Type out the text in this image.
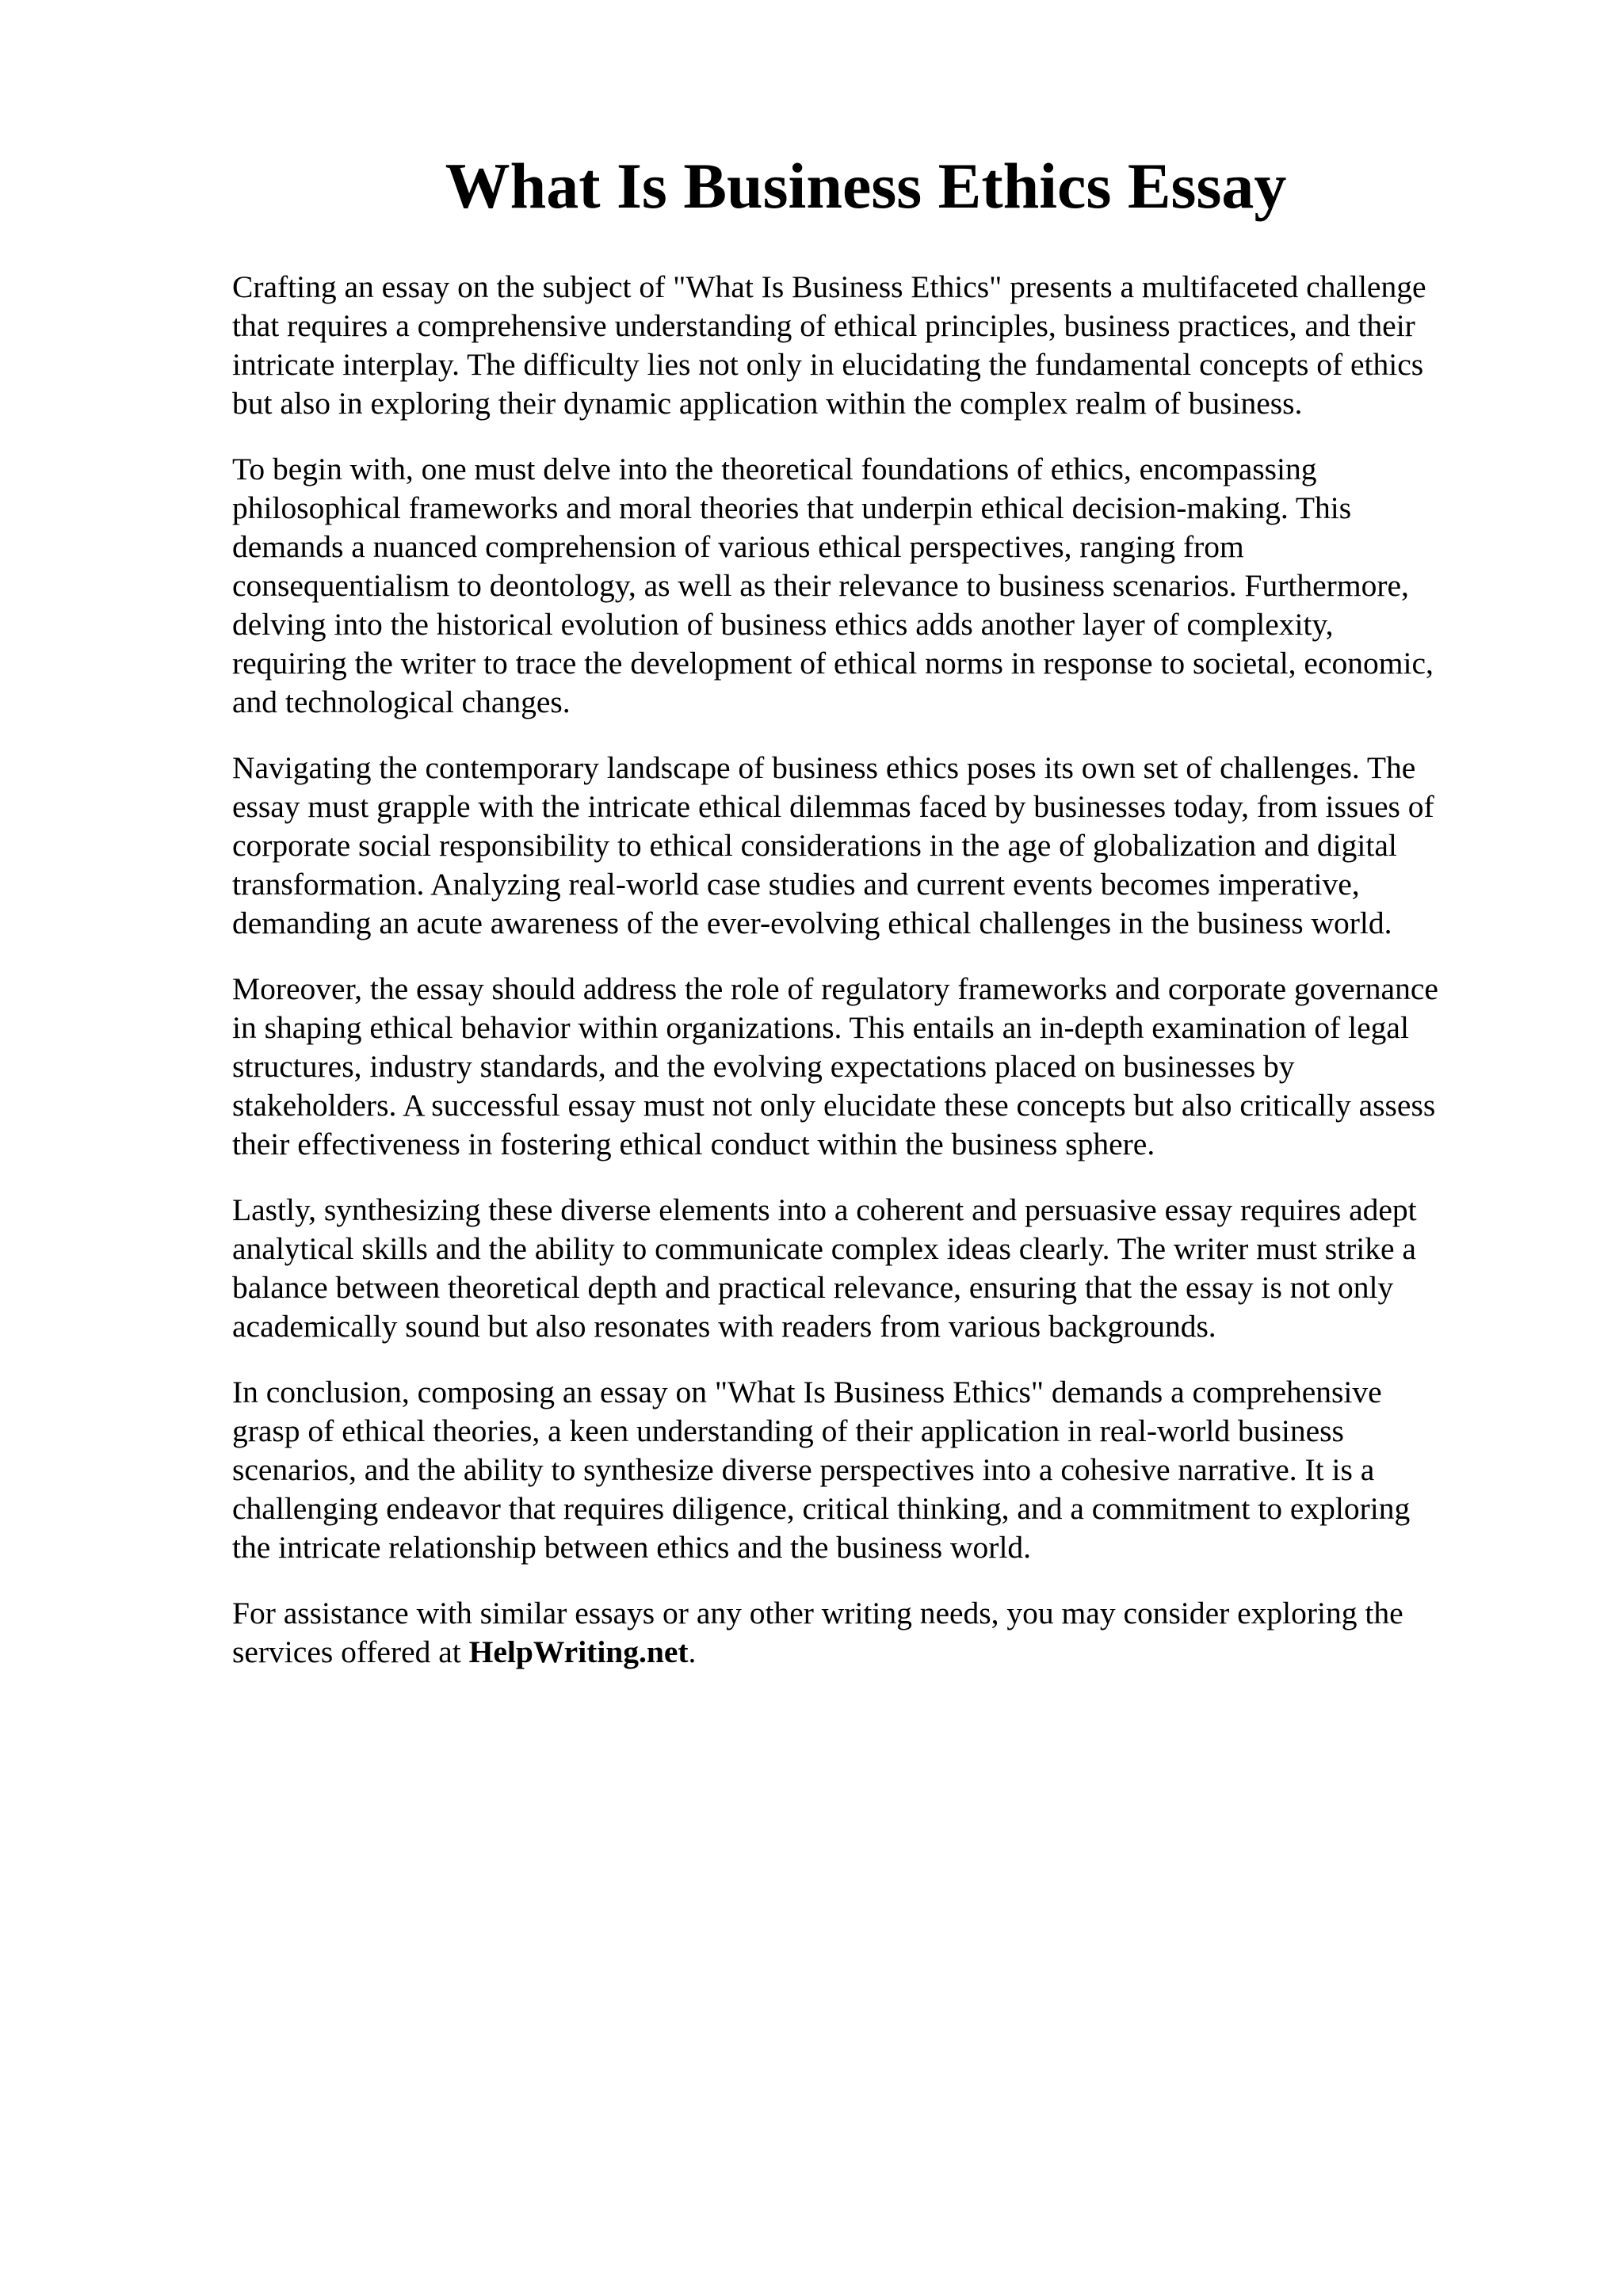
What Is Business Ethics Essay

Crafting an essay on the subject of "What Is Business Ethics" presents a multifaceted challenge
that requires a comprehensive understanding of ethical principles, business practices, and their
intricate interplay. The difficulty lies not only in elucidating the fundamental concepts of ethics
but also in exploring their dynamic application within the complex realm of business.

To begin with, one must delve into the theoretical foundations of ethics, encompassing
philosophical frameworks and moral theories that underpin ethical decision-making. This
demands a nuanced comprehension of various ethical perspectives, ranging from
consequentialism to deontology, as well as their relevance to business scenarios. Furthermore,
delving into the historical evolution of business ethics adds another layer of complexity,
requiring the writer to trace the development of ethical norms in response to societal, economic,
and technological changes.

Navigating the contemporary landscape of business ethics poses its own set of challenges. The
essay must grapple with the intricate ethical dilemmas faced by businesses today, from issues of
corporate social responsibility to ethical considerations in the age of globalization and digital
transformation. Analyzing real-world case studies and current events becomes imperative,
demanding an acute awareness of the ever-evolving ethical challenges in the business world.

Moreover, the essay should address the role of regulatory frameworks and corporate governance
in shaping ethical behavior within organizations. This entails an in-depth examination of legal
structures, industry standards, and the evolving expectations placed on businesses by
stakeholders. A successful essay must not only elucidate these concepts but also critically assess
their effectiveness in fostering ethical conduct within the business sphere.

Lastly, synthesizing these diverse elements into a coherent and persuasive essay requires adept
analytical skills and the ability to communicate complex ideas clearly. The writer must strike a
balance between theoretical depth and practical relevance, ensuring that the essay is not only
academically sound but also resonates with readers from various backgrounds.

In conclusion, composing an essay on "What Is Business Ethics" demands a comprehensive
grasp of ethical theories, a keen understanding of their application in real-world business
scenarios, and the ability to synthesize diverse perspectives into a cohesive narrative. It is a
challenging endeavor that requires diligence, critical thinking, and a commitment to exploring
the intricate relationship between ethics and the business world.

For assistance with similar essays or any other writing needs, you may consider exploring the
services offered at HelpWriting.net.
